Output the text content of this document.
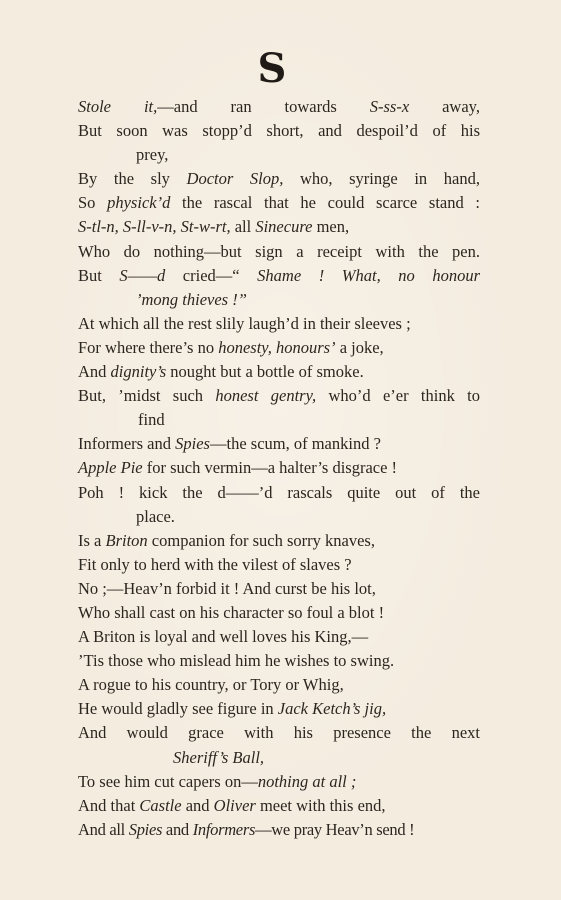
S
Stole it,—and ran towards S-ss-x away,
But soon was stopp’d short, and despoil’d of his
prey,
By the sly Doctor Slop, who, syringe in hand,
So physick’d the rascal that he could scarce stand :
S-tl-n, S-ll-v-n, St-w-rt, all Sinecure men,
Who do nothing—but sign a receipt with the pen.
But S——d cried—“ Shame ! What, no honour
’mong thieves !”
At which all the rest slily laugh’d in their sleeves ;
For where there’s no honesty, honours’ a joke,
And dignity’s nought but a bottle of smoke.
But, ’midst such honest gentry, who’d e’er think to
find
Informers and Spies—the scum, of mankind ?
Apple Pie for such vermin—a halter’s disgrace !
Poh ! kick the d——’d rascals quite out of the
place.
Is a Briton companion for such sorry knaves,
Fit only to herd with the vilest of slaves ?
No ;—Heav’n forbid it ! And curst be his lot,
Who shall cast on his character so foul a blot !
A Briton is loyal and well loves his King,—
’Tis those who mislead him he wishes to swing.
A rogue to his country, or Tory or Whig,
He would gladly see figure in Jack Ketch’s jig,
And would grace with his presence the next
Sheriff’s Ball,
To see him cut capers on—nothing at all ;
And that Castle and Oliver meet with this end,
And all Spies and Informers—we pray Heav’n send !
